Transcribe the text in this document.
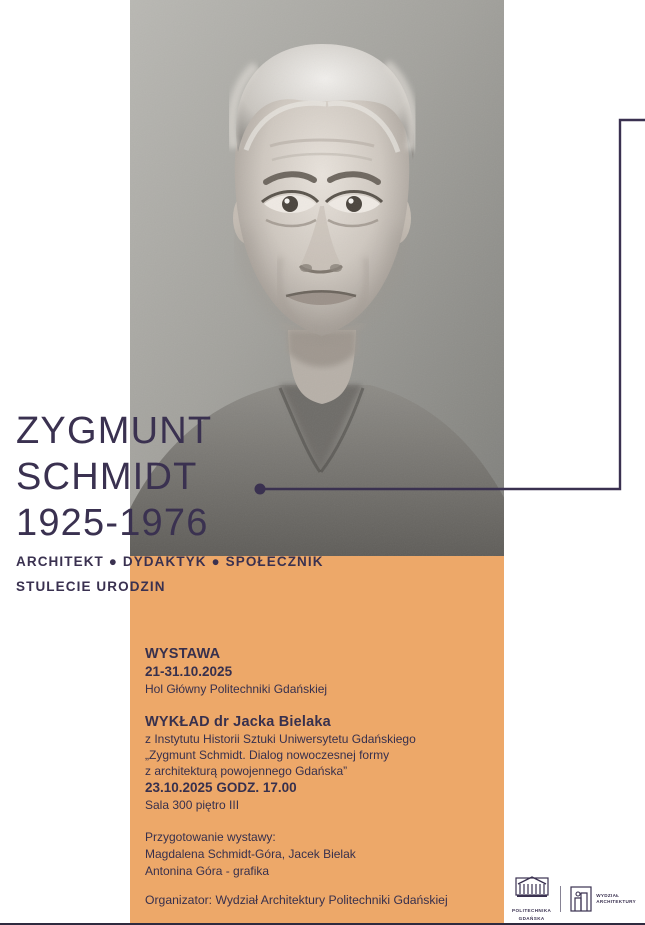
ZYGMUNT
SCHMIDT
1925-1976
ARCHITEKT ● DYDAKTYK ● SPOŁECZNIK
STULECIE URODZIN
WYSTAWA
21-31.10.2025
Hol Główny Politechniki Gdańskiej
WYKŁAD dr Jacka Bielaka
z Instytutu Historii Sztuki Uniwersytetu Gdańskiego
„Zygmunt Schmidt. Dialog nowoczesnej formy
z architekturą powojennego Gdańska”
23.10.2025 GODZ. 17.00
Sala 300 piętro III
Przygotowanie wystawy:
Magdalena Schmidt-Góra, Jacek Bielak
Antonina Góra - grafika
Organizator: Wydział Architektury Politechniki Gdańskiej
POLITECHNIKA
GDAŃSKA
WYDZIAŁ
ARCHITEKTURY
